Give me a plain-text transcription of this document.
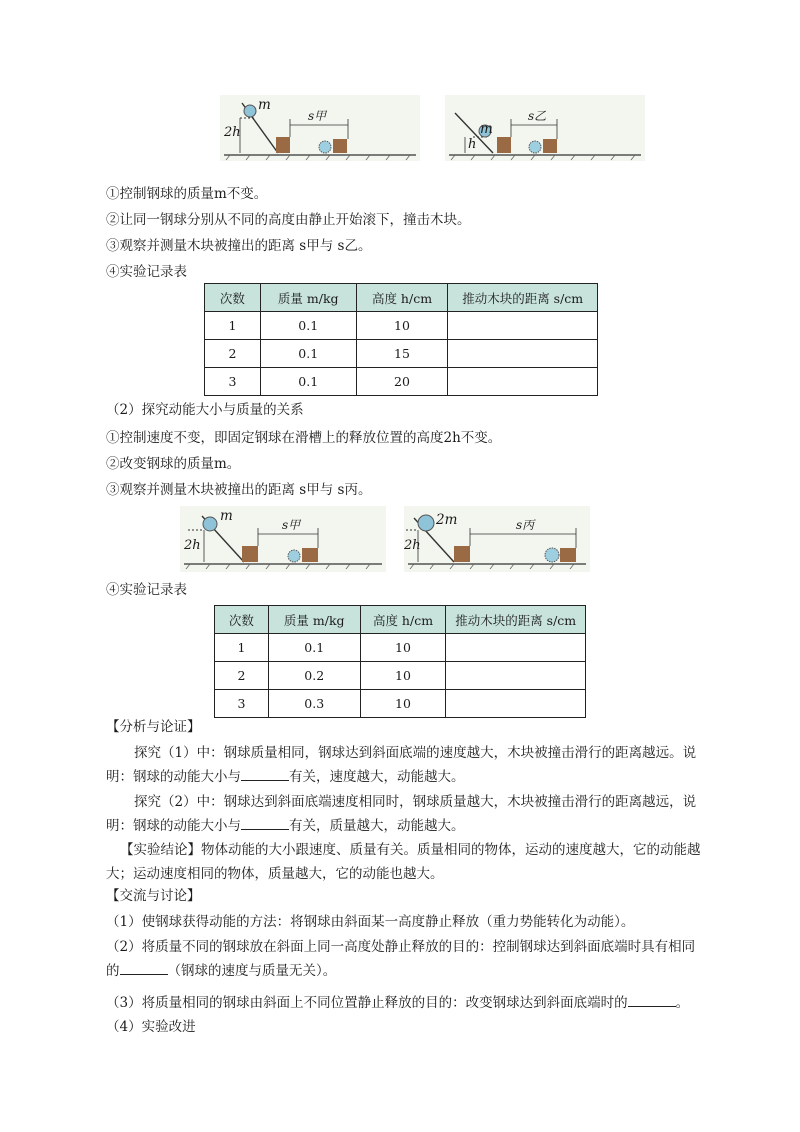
m
2h
s甲
m
h
s乙
①控制钢球的质量m不变。
②让同一钢球分别从不同的高度由静止开始滚下，撞击木块。
③观察并测量木块被撞出的距离 s甲与 s乙。
④实验记录表
次数	质量 m/kg	高度 h/cm	推动木块的距离 s/cm
1	0.1	10	
2	0.1	15	
3	0.1	20	
（2）探究动能大小与质量的关系
①控制速度不变，即固定钢球在滑槽上的释放位置的高度2h不变。
②改变钢球的质量m。
③观察并测量木块被撞出的距离 s甲与 s丙。
m
2h
s甲	2m
2h
s丙
④实验记录表
次数	质量 m/kg	高度 h/cm	推动木块的距离 s/cm
1	0.1	10	
2	0.2	10	
3	0.3	10	
【分析与论证】
探究（1）中：钢球质量相同，钢球达到斜面底端的速度越大，木块被撞击滑行的距离越远。说明：钢球的动能大小与	有关，速度越大，动能越大。
探究（2）中：钢球达到斜面底端速度相同时，钢球质量越大，木块被撞击滑行的距离越远，说明：钢球的动能大小与	有关，质量越大，动能越大。
【实验结论】物体动能的大小跟速度、质量有关。质量相同的物体，运动的速度越大，它的动能越大；运动速度相同的物体，质量越大，它的动能也越大。
【交流与讨论】
（1）使钢球获得动能的方法：将钢球由斜面某一高度静止释放（重力势能转化为动能）。
（2）将质量不同的钢球放在斜面上同一高度处静止释放的目的：控制钢球达到斜面底端时具有相同的	（钢球的速度与质量无关）。
（3）将质量相同的钢球由斜面上不同位置静止释放的目的：改变钢球达到斜面底端时的	。
（4）实验改进
